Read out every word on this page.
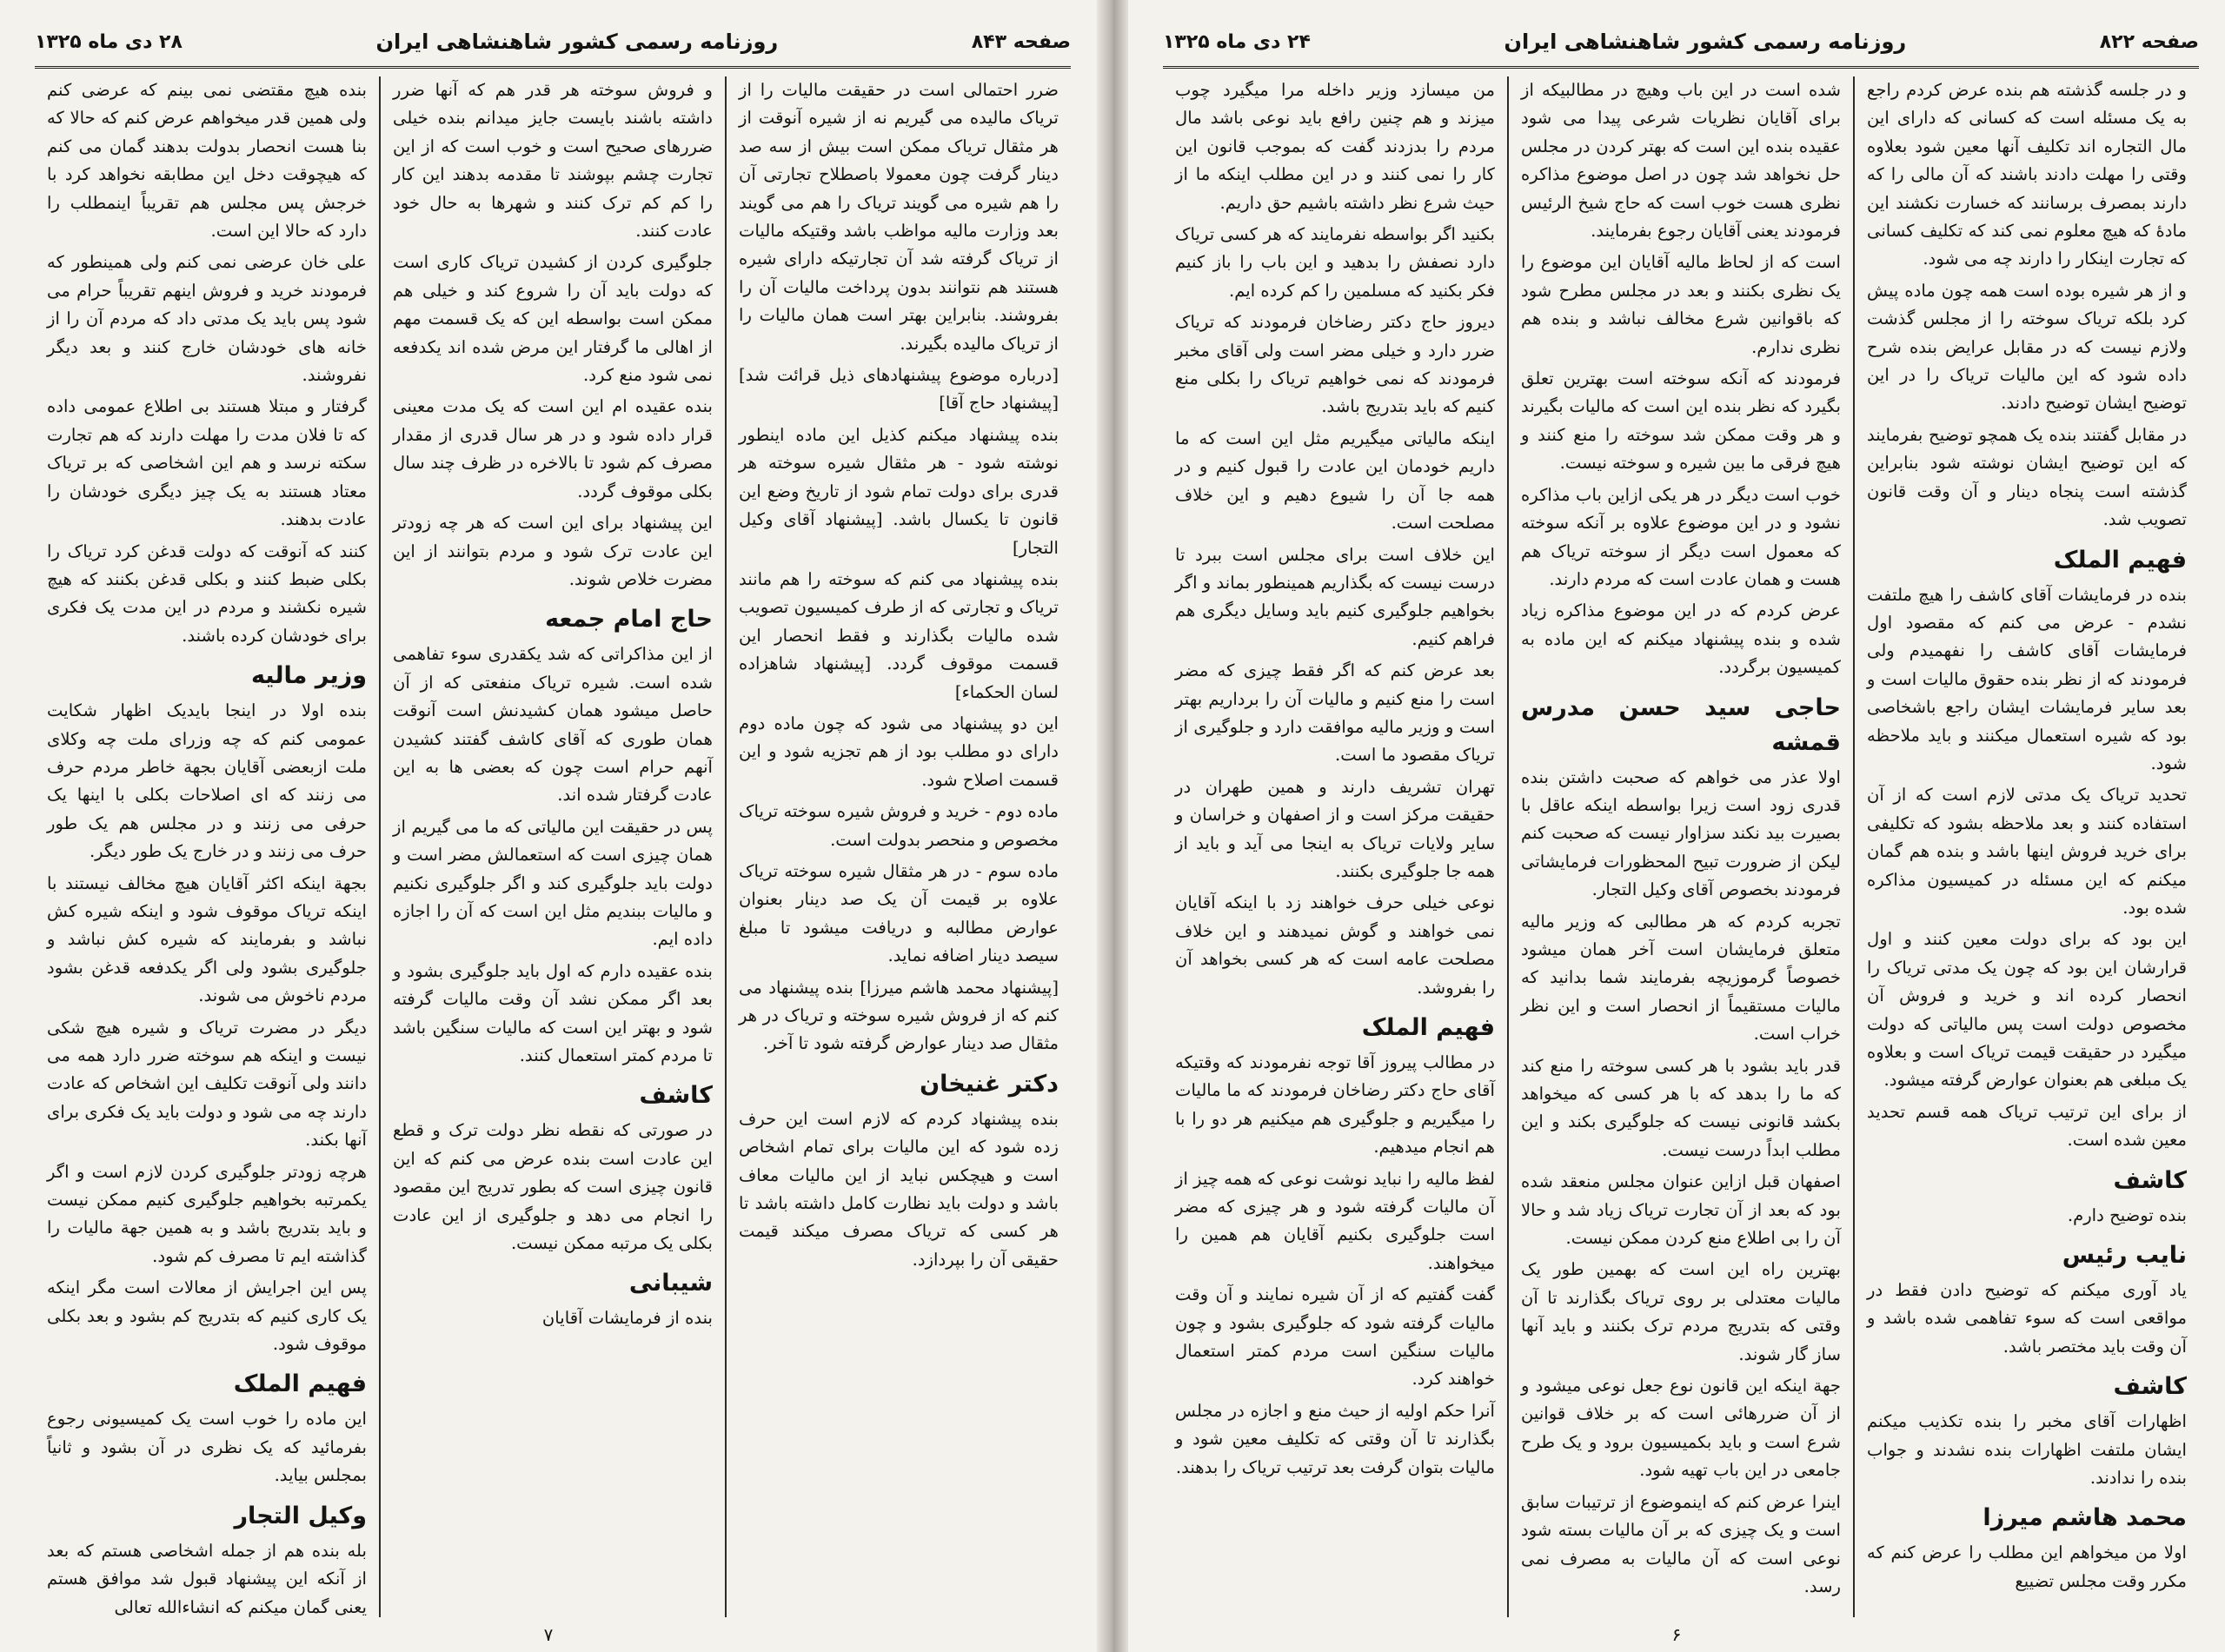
صفحه ۸۴۳
روزنامه رسمی کشور شاهنشاهی ایران
۲۸ دی ماه ۱۳۲۵

ضرر احتمالی است در حقیقت مالیات را از تریاک مالیده می گیریم نه از شیره آنوقت از هر مثقال تریاک ممکن است بیش از سه صد دینار گرفت چون معمولا باصطلاح تجارتی آن را هم شیره می گویند تریاک را هم می گویند بعد وزارت مالیه مواظب باشد وقتیکه مالیات از تریاک گرفته شد آن تجارتیکه دارای شیره هستند هم نتوانند بدون پرداخت مالیات آن را بفروشند. بنابراین بهتر است همان مالیات را از تریاک مالیده بگیرند.

[درباره موضوع پیشنهادهای ذیل قرائت شد] [پیشنهاد حاج آقا]

بنده پیشنهاد میکنم کذیل این ماده اینطور نوشته شود - هر مثقال شیره سوخته هر قدری برای دولت تمام شود از تاریخ وضع این قانون تا یکسال باشد. [پیشنهاد آقای وکیل التجار]

بنده پیشنهاد می کنم که سوخته را هم مانند تریاک و تجارتی که از طرف کمیسیون تصویب شده مالیات بگذارند و فقط انحصار این قسمت موقوف گردد. [پیشنهاد شاهزاده لسان الحکماء]

این دو پیشنهاد می شود که چون ماده دوم دارای دو مطلب بود از هم تجزیه شود و این قسمت اصلاح شود.

ماده دوم - خرید و فروش شیره سوخته تریاک مخصوص و منحصر بدولت است.

ماده سوم - در هر مثقال شیره سوخته تریاک علاوه بر قیمت آن یک صد دینار بعنوان عوارض مطالبه و دریافت میشود تا مبلغ سیصد دینار اضافه نماید.

[پیشنهاد محمد هاشم میرزا] بنده پیشنهاد می کنم که از فروش شیره سوخته و تریاک در هر مثقال صد دینار عوارض گرفته شود تا آخر.

دکتر غنیخان

بنده پیشنهاد کردم که لازم است این حرف زده شود که این مالیات برای تمام اشخاص است و هیچکس نباید از این مالیات معاف باشد و دولت باید نظارت کامل داشته باشد تا هر کسی که تریاک مصرف میکند قیمت حقیقی آن را بپردازد.

و فروش سوخته هر قدر هم که آنها ضرر داشته باشند بایست جایز میدانم بنده خیلی ضررهای صحیح است و خوب است که از این تجارت چشم بپوشند تا مقدمه بدهند این کار را کم کم ترک کنند و شهرها به حال خود عادت کنند.

جلوگیری کردن از کشیدن تریاک کاری است که دولت باید آن را شروع کند و خیلی هم ممکن است بواسطه این که یک قسمت مهم از اهالی ما گرفتار این مرض شده اند یکدفعه نمی شود منع کرد.

بنده عقیده ام این است که یک مدت معینی قرار داده شود و در هر سال قدری از مقدار مصرف کم شود تا بالاخره در ظرف چند سال بکلی موقوف گردد.

این پیشنهاد برای این است که هر چه زودتر این عادت ترک شود و مردم بتوانند از این مضرت خلاص شوند.

حاج امام جمعه

از این مذاکراتی که شد یکقدری سوء تفاهمی شده است. شیره تریاک منفعتی که از آن حاصل میشود همان کشیدنش است آنوقت همان طوری که آقای کاشف گفتند کشیدن آنهم حرام است چون که بعضی ها به این عادت گرفتار شده اند.

پس در حقیقت این مالیاتی که ما می گیریم از همان چیزی است که استعمالش مضر است و دولت باید جلوگیری کند و اگر جلوگیری نکنیم و مالیات ببندیم مثل این است که آن را اجازه داده ایم.

بنده عقیده دارم که اول باید جلوگیری بشود و بعد اگر ممکن نشد آن وقت مالیات گرفته شود و بهتر این است که مالیات سنگین باشد تا مردم کمتر استعمال کنند.

کاشف

در صورتی که نقطه نظر دولت ترک و قطع این عادت است بنده عرض می کنم که این قانون چیزی است که بطور تدریج این مقصود را انجام می دهد و جلوگیری از این عادت بکلی یک مرتبه ممکن نیست.

شیبانی

بنده از فرمایشات آقایان

بنده هیچ مقتضی نمی بینم که عرضی کنم ولی همین قدر میخواهم عرض کنم که حالا که بنا هست انحصار بدولت بدهند گمان می کنم که هیچوقت دخل این مطابقه نخواهد کرد با خرجش پس مجلس هم تقریباً اینمطلب را دارد که حالا این است.

علی خان عرضی نمی کنم ولی همینطور که فرمودند خرید و فروش اینهم تقریباً حرام می شود پس باید یک مدتی داد که مردم آن را از خانه های خودشان خارج کنند و بعد دیگر نفروشند.

گرفتار و مبتلا هستند بی اطلاع عمومی داده که تا فلان مدت را مهلت دارند که هم تجارت سکته نرسد و هم این اشخاصی که بر تریاک معتاد هستند به یک چیز دیگری خودشان را عادت بدهند.

کنند که آنوقت که دولت قدغن کرد تریاک را بکلی ضبط کنند و بکلی قدغن بکنند که هیچ شیره نکشند و مردم در این مدت یک فکری برای خودشان کرده باشند.

وزیر مالیه

بنده اولا در اینجا بایدیک اظهار شکایت عمومی کنم که چه وزرای ملت چه وکلای ملت ازبعضی آقایان بجهة خاطر مردم حرف می زنند که ای اصلاحات بکلی با اینها یک حرفی می زنند و در مجلس هم یک طور حرف می زنند و در خارج یک طور دیگر.

بجهة اینکه اکثر آقایان هیچ مخالف نیستند با اینکه تریاک موقوف شود و اینکه شیره کش نباشد و بفرمایند که شیره کش نباشد و جلوگیری بشود ولی اگر یکدفعه قدغن بشود مردم ناخوش می شوند.

دیگر در مضرت تریاک و شیره هیچ شکی نیست و اینکه هم سوخته ضرر دارد همه می دانند ولی آنوقت تکلیف این اشخاص که عادت دارند چه می شود و دولت باید یک فکری برای آنها بکند.

هرچه زودتر جلوگیری کردن لازم است و اگر یکمرتبه بخواهیم جلوگیری کنیم ممکن نیست و باید بتدریج باشد و به همین جهة مالیات را گذاشته ایم تا مصرف کم شود.

پس این اجرایش از معالات است مگر اینکه یک کاری کنیم که بتدریج کم بشود و بعد بکلی موقوف شود.

فهیم الملک

این ماده را خوب است یک کمیسیونی رجوع بفرمائید که یک نظری در آن بشود و ثانیاً بمجلس بیاید.

وکیل التجار

بله بنده هم از جمله اشخاصی هستم که بعد از آنکه این پیشنهاد قبول شد موافق هستم یعنی گمان میکنم که انشاءالله تعالی

۷
صفحه ۸۲۲
روزنامه رسمی کشور شاهنشاهی ایران
۲۴ دی ماه ۱۳۲۵

و در جلسه گذشته هم بنده عرض کردم راجع به یک مسئله است که کسانی که دارای این مال التجاره اند تکلیف آنها معین شود بعلاوه وقتی را مهلت دادند باشند که آن مالی را که دارند بمصرف برسانند که خسارت نکشند این مادهٔ که هیچ معلوم نمی کند که تکلیف کسانی که تجارت اینکار را دارند چه می شود.

و از هر شیره بوده است همه چون ماده پیش کرد بلکه تریاک سوخته را از مجلس گذشت ولازم نیست که در مقابل عرایض بنده شرح داده شود که این مالیات تریاک را در این توضیح ایشان توضیح دادند.

در مقابل گفتند بنده یک همچو توضیح بفرمایند که این توضیح ایشان نوشته شود بنابراین گذشته است پنجاه دینار و آن وقت قانون تصویب شد.

فهیم الملک

بنده در فرمایشات آقای کاشف را هیچ ملتفت نشدم - عرض می کنم که مقصود اول فرمایشات آقای کاشف را نفهمیدم ولی فرمودند که از نظر بنده حقوق مالیات است و بعد سایر فرمایشات ایشان راجع باشخاصی بود که شیره استعمال میکنند و باید ملاحظه شود.

تحدید تریاک یک مدتی لازم است که از آن استفاده کنند و بعد ملاحظه بشود که تکلیفی برای خرید فروش اینها باشد و بنده هم گمان میکنم که این مسئله در کمیسیون مذاکره شده بود.

این بود که برای دولت معین کنند و اول قرارشان این بود که چون یک مدتی تریاک را انحصار کرده اند و خرید و فروش آن مخصوص دولت است پس مالیاتی که دولت میگیرد در حقیقت قیمت تریاک است و بعلاوه یک مبلغی هم بعنوان عوارض گرفته میشود.

از برای این ترتیب تریاک همه قسم تحدید معین شده است.

کاشف

بنده توضیح دارم.

نایب رئیس

یاد آوری میکنم که توضیح دادن فقط در مواقعی است که سوء تفاهمی شده باشد و آن وقت باید مختصر باشد.

کاشف

اظهارات آقای مخبر را بنده تکذیب میکنم ایشان ملتفت اظهارات بنده نشدند و جواب بنده را ندادند.

محمد هاشم میرزا

اولا من میخواهم این مطلب را عرض کنم که مکرر وقت مجلس تضییع

شده است در این باب وهیچ در مطالبیکه از برای آقایان نظریات شرعی پیدا می شود عقیده بنده این است که بهتر کردن در مجلس حل نخواهد شد چون در اصل موضوع مذاکره نظری هست خوب است که حاج شیخ الرئیس فرمودند یعنی آقایان رجوع بفرمایند.

است که از لحاظ مالیه آقایان این موضوع را یک نظری بکنند و بعد در مجلس مطرح شود که باقوانین شرع مخالف نباشد و بنده هم نظری ندارم.

فرمودند که آنکه سوخته است بهترین تعلق بگیرد که نظر بنده این است که مالیات بگیرند و هر وقت ممکن شد سوخته را منع کنند و هیچ فرقی ما بین شیره و سوخته نیست.

خوب است دیگر در هر یکی ازاین باب مذاکره نشود و در این موضوع علاوه بر آنکه سوخته که معمول است دیگر از سوخته تریاک هم هست و همان عادت است که مردم دارند.

عرض کردم که در این موضوع مذاکره زیاد شده و بنده پیشنهاد میکنم که این ماده به کمیسیون برگردد.

حاجی سید حسن مدرس قمشه

اولا عذر می خواهم که صحبت داشتن بنده قدری زود است زیرا بواسطه اینکه عاقل با بصیرت بید نکند سزاوار نیست که صحبت کنم لیکن از ضرورت تبیح المحظورات فرمایشاتی فرمودند بخصوص آقای وکیل التجار.

تجربه کردم که هر مطالبی که وزیر مالیه متعلق فرمایشان است آخر همان میشود خصوصاً گرموزیچه بفرمایند شما بدانید که مالیات مستقیماً از انحصار است و این نظر خراب است.

قدر باید بشود با هر کسی سوخته را منع کند که ما را بدهد که با هر کسی که میخواهد بکشد قانونی نیست که جلوگیری بکند و این مطلب ابداً درست نیست.

اصفهان قبل ازاین عنوان مجلس منعقد شده بود که بعد از آن تجارت تریاک زیاد شد و حالا آن را بی اطلاع منع کردن ممکن نیست.

بهترین راه این است که بهمین طور یک مالیات معتدلی بر روی تریاک بگذارند تا آن وقتی که بتدریج مردم ترک بکنند و باید آنها ساز گار شوند.

جهة اینکه این قانون نوع جعل نوعی میشود و از آن ضررهائی است که بر خلاف قوانین شرع است و باید بکمیسیون برود و یک طرح جامعی در این باب تهیه شود.

اینرا عرض کنم که اینموضوع از ترتیبات سابق است و یک چیزی که بر آن مالیات بسته شود نوعی است که آن مالیات به مصرف نمی رسد.

من میسازد وزیر داخله مرا میگیرد چوب میزند و هم چنین رافع باید نوعی باشد مال مردم را بدزدند گفت که بموجب قانون این کار را نمی کنند و در این مطلب اینکه ما از حیث شرع نظر داشته باشیم حق داریم.

بکنید اگر بواسطه نفرمایند که هر کسی تریاک دارد نصفش را بدهید و این باب را باز کنیم فکر بکنید که مسلمین را کم کرده ایم.

دیروز حاج دکتر رضاخان فرمودند که تریاک ضرر دارد و خیلی مضر است ولی آقای مخبر فرمودند که نمی خواهیم تریاک را بکلی منع کنیم که باید بتدریج باشد.

اینکه مالیاتی میگیریم مثل این است که ما داریم خودمان این عادت را قبول کنیم و در همه جا آن را شیوع دهیم و این خلاف مصلحت است.

این خلاف است برای مجلس است ببرد تا درست نیست که بگذاریم همینطور بماند و اگر بخواهیم جلوگیری کنیم باید وسایل دیگری هم فراهم کنیم.

بعد عرض کنم که اگر فقط چیزی که مضر است را منع کنیم و مالیات آن را برداریم بهتر است و وزیر مالیه موافقت دارد و جلوگیری از تریاک مقصود ما است.

تهران تشریف دارند و همین طهران در حقیقت مرکز است و از اصفهان و خراسان و سایر ولایات تریاک به اینجا می آید و باید از همه جا جلوگیری بکنند.

نوعی خیلی حرف خواهند زد با اینکه آقایان نمی خواهند و گوش نمیدهند و این خلاف مصلحت عامه است که هر کسی بخواهد آن را بفروشد.

فهیم الملک

در مطالب پیروز آقا توجه نفرمودند که وقتیکه آقای حاج دکتر رضاخان فرمودند که ما مالیات را میگیریم و جلوگیری هم میکنیم هر دو را با هم انجام میدهیم.

لفظ مالیه را نباید نوشت نوعی که همه چیز از آن مالیات گرفته شود و هر چیزی که مضر است جلوگیری بکنیم آقایان هم همین را میخواهند.

گفت گفتیم که از آن شیره نمایند و آن وقت مالیات گرفته شود که جلوگیری بشود و چون مالیات سنگین است مردم کمتر استعمال خواهند کرد.

آنرا حکم اولیه از حیث منع و اجازه در مجلس بگذارند تا آن وقتی که تکلیف معین شود و مالیات بتوان گرفت بعد ترتیب تریاک را بدهند.

۶
